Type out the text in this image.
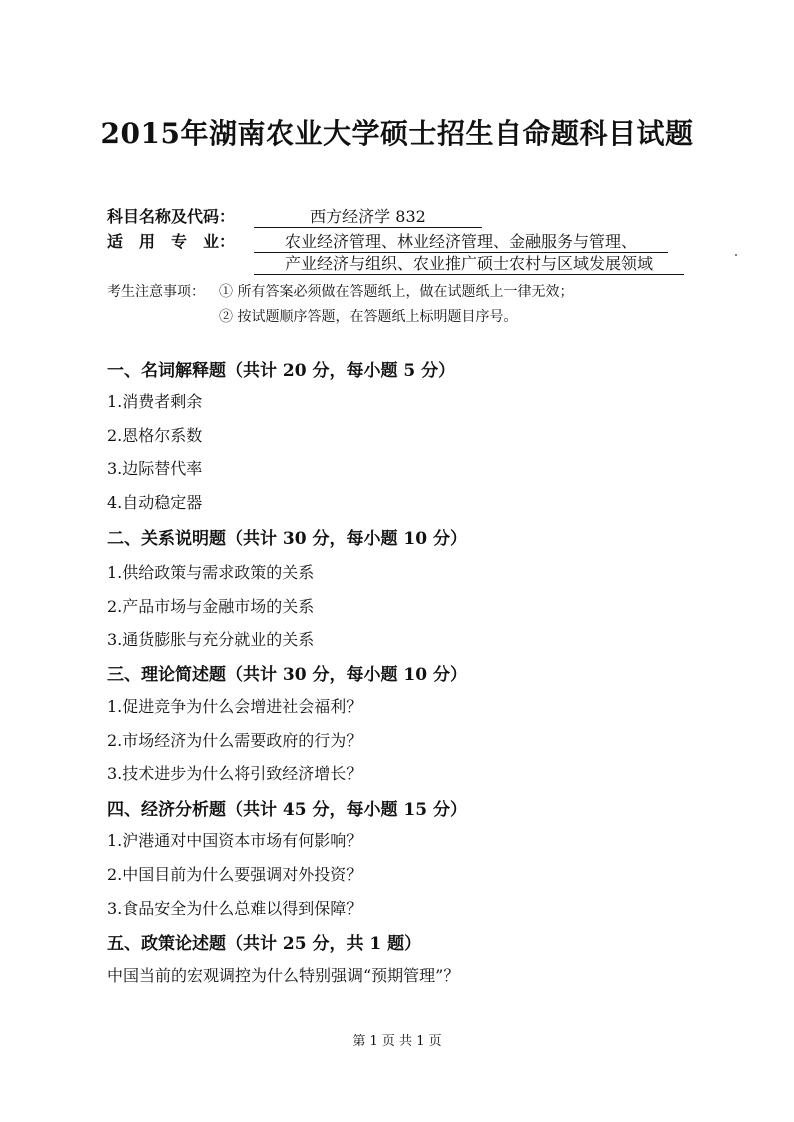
2015年湖南农业大学硕士招生自命题科目试题
科目名称及代码：	西方经济学 832
适　用　专　业：	农业经济管理、林业经济管理、金融服务与管理、
产业经济与组织、农业推广硕士农村与区域发展领域
考生注意事项： ① 所有答案必须做在答题纸上，做在试题纸上一律无效；
② 按试题顺序答题，在答题纸上标明题目序号。
一、名词解释题（共计 20 分，每小题 5 分）
1.消费者剩余
2.恩格尔系数
3.边际替代率
4.自动稳定器
二、关系说明题（共计 30 分，每小题 10 分）
1.供给政策与需求政策的关系
2.产品市场与金融市场的关系
3.通货膨胀与充分就业的关系
三、理论简述题（共计 30 分，每小题 10 分）
1.促进竞争为什么会增进社会福利？
2.市场经济为什么需要政府的行为？
3.技术进步为什么将引致经济增长？
四、经济分析题（共计 45 分，每小题 15 分）
1.沪港通对中国资本市场有何影响？
2.中国目前为什么要强调对外投资？
3.食品安全为什么总难以得到保障？
五、政策论述题（共计 25 分，共 1 题）
中国当前的宏观调控为什么特别强调“预期管理”？
第 1 页 共 1 页
